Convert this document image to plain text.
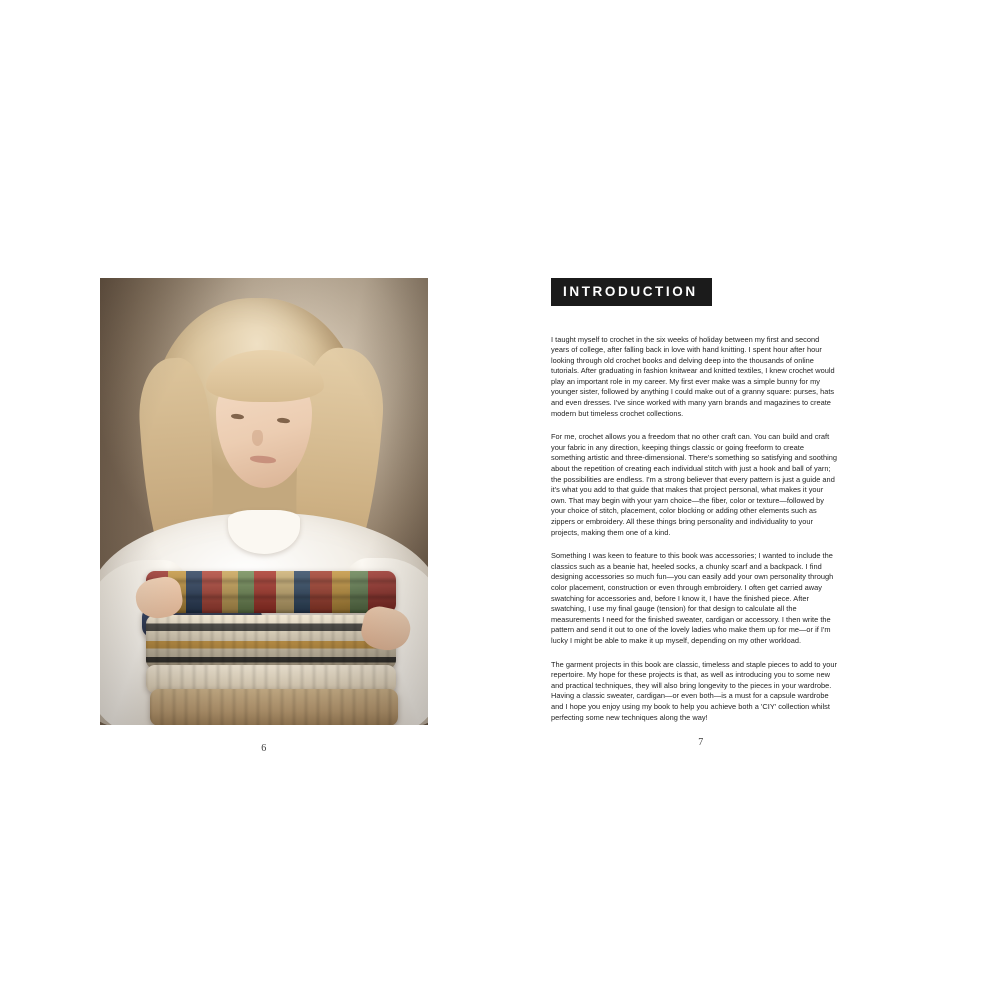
6
INTRODUCTION

I taught myself to crochet in the six weeks of holiday between my first and second years of college, after falling back in love with hand knitting. I spent hour after hour looking through old crochet books and delving deep into the thousands of online tutorials. After graduating in fashion knitwear and knitted textiles, I knew crochet would play an important role in my career. My first ever make was a simple bunny for my younger sister, followed by anything I could make out of a granny square: purses, hats and even dresses. I've since worked with many yarn brands and magazines to create modern but timeless crochet collections.

For me, crochet allows you a freedom that no other craft can. You can build and craft your fabric in any direction, keeping things classic or going freeform to create something artistic and three-dimensional. There's something so satisfying and soothing about the repetition of creating each individual stitch with just a hook and ball of yarn; the possibilities are endless. I'm a strong believer that every pattern is just a guide and it's what you add to that guide that makes that project personal, what makes it your own. That may begin with your yarn choice—the fiber, color or texture—followed by your choice of stitch, placement, color blocking or adding other elements such as zippers or embroidery. All these things bring personality and individuality to your projects, making them one of a kind.

Something I was keen to feature to this book was accessories; I wanted to include the classics such as a beanie hat, heeled socks, a chunky scarf and a backpack. I find designing accessories so much fun—you can easily add your own personality through color placement, construction or even through embroidery. I often get carried away swatching for accessories and, before I know it, I have the finished piece. After swatching, I use my final gauge (tension) for that design to calculate all the measurements I need for the finished sweater, cardigan or accessory. I then write the pattern and send it out to one of the lovely ladies who make them up for me—or if I'm lucky I might be able to make it up myself, depending on my other workload.

The garment projects in this book are classic, timeless and staple pieces to add to your repertoire. My hope for these projects is that, as well as introducing you to some new and practical techniques, they will also bring longevity to the pieces in your wardrobe. Having a classic sweater, cardigan—or even both—is a must for a capsule wardrobe and I hope you enjoy using my book to help you achieve both a 'CIY' collection whilst perfecting some new techniques along the way!

7
